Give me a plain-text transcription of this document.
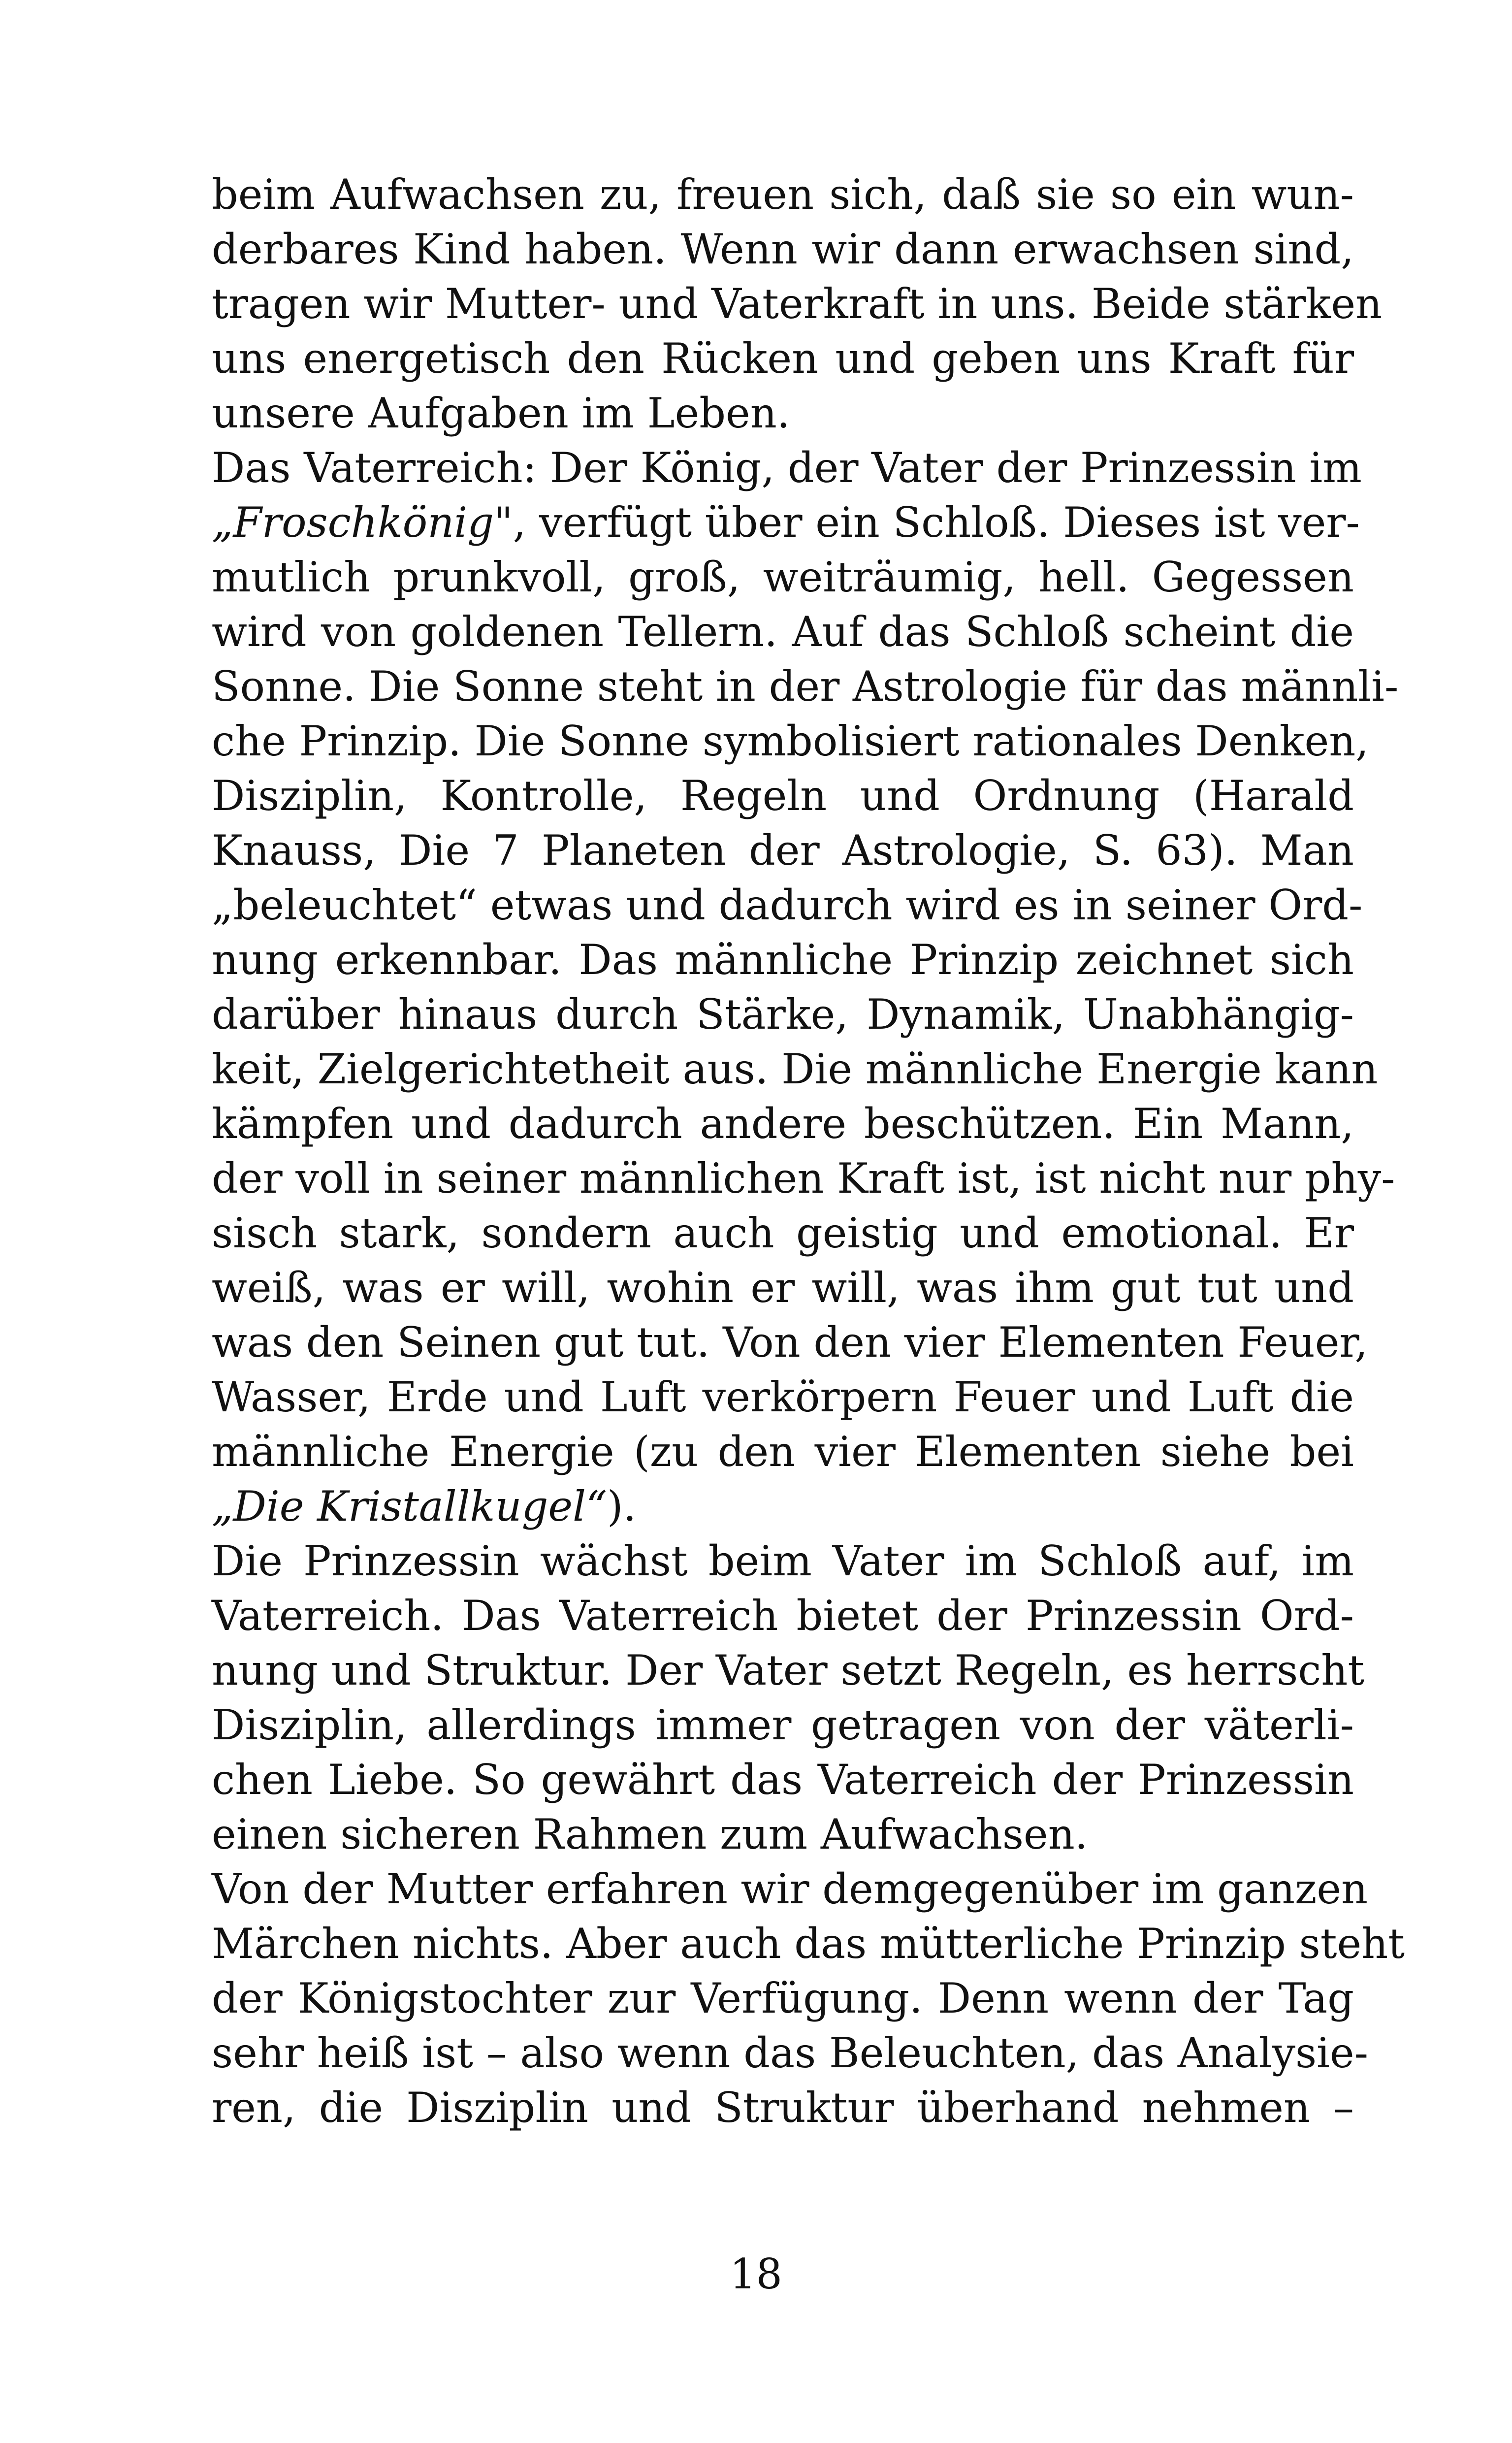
beim Aufwachsen zu, freuen sich, daß sie so ein wun-
derbares Kind haben. Wenn wir dann erwachsen sind,
tragen wir Mutter- und Vaterkraft in uns. Beide stärken
uns energetisch den Rücken und geben uns Kraft für
unsere Aufgaben im Leben.
Das Vaterreich: Der König, der Vater der Prinzessin im
„Froschkönig", verfügt über ein Schloß. Dieses ist ver-
mutlich prunkvoll, groß, weiträumig, hell. Gegessen
wird von goldenen Tellern. Auf das Schloß scheint die
Sonne. Die Sonne steht in der Astrologie für das männli-
che Prinzip. Die Sonne symbolisiert rationales Denken,
Disziplin, Kontrolle, Regeln und Ordnung (Harald
Knauss, Die 7 Planeten der Astrologie, S. 63). Man
„beleuchtet“ etwas und dadurch wird es in seiner Ord-
nung erkennbar. Das männliche Prinzip zeichnet sich
darüber hinaus durch Stärke, Dynamik, Unabhängig-
keit, Zielgerichtetheit aus. Die männliche Energie kann
kämpfen und dadurch andere beschützen. Ein Mann,
der voll in seiner männlichen Kraft ist, ist nicht nur phy-
sisch stark, sondern auch geistig und emotional. Er
weiß, was er will, wohin er will, was ihm gut tut und
was den Seinen gut tut. Von den vier Elementen Feuer,
Wasser, Erde und Luft verkörpern Feuer und Luft die
männliche Energie (zu den vier Elementen siehe bei
„Die Kristallkugel“).
Die Prinzessin wächst beim Vater im Schloß auf, im
Vaterreich. Das Vaterreich bietet der Prinzessin Ord-
nung und Struktur. Der Vater setzt Regeln, es herrscht
Disziplin, allerdings immer getragen von der väterli-
chen Liebe. So gewährt das Vaterreich der Prinzessin
einen sicheren Rahmen zum Aufwachsen.
Von der Mutter erfahren wir demgegenüber im ganzen
Märchen nichts. Aber auch das mütterliche Prinzip steht
der Königstochter zur Verfügung. Denn wenn der Tag
sehr heiß ist – also wenn das Beleuchten, das Analysie-
ren, die Disziplin und Struktur überhand nehmen –
18
